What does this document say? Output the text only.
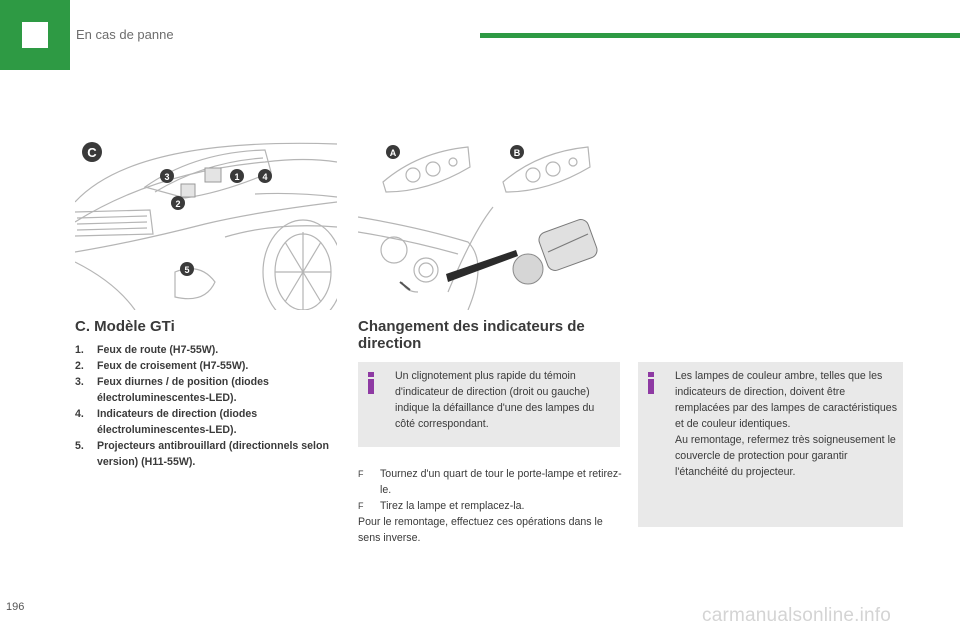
En cas de panne
C
1
2
3	4
5
A	B
C. Modèle GTi
1. Feux de route (H7-55W).
2. Feux de croisement (H7-55W).
3. Feux diurnes / de position (diodes électroluminescentes-LED).
4. Indicateurs de direction (diodes électroluminescentes-LED).
5. Projecteurs antibrouillard (directionnels selon version) (H11-55W).
Changement des indicateurs de direction

Un clignotement plus rapide du témoin d'indicateur de direction (droit ou gauche) indique la défaillance d'une des lampes du côté correspondant.

F Tournez d'un quart de tour le porte-lampe et retirez-le.
F Tirez la lampe et remplacez-la.

Pour le remontage, effectuez ces opérations dans le sens inverse.

Les lampes de couleur ambre, telles que les indicateurs de direction, doivent être remplacées par des lampes de caractéristiques et de couleur identiques.
Au remontage, refermez très soigneusement le couvercle de protection pour garantir l'étanchéité du projecteur.

196	carmanualsonline.info
